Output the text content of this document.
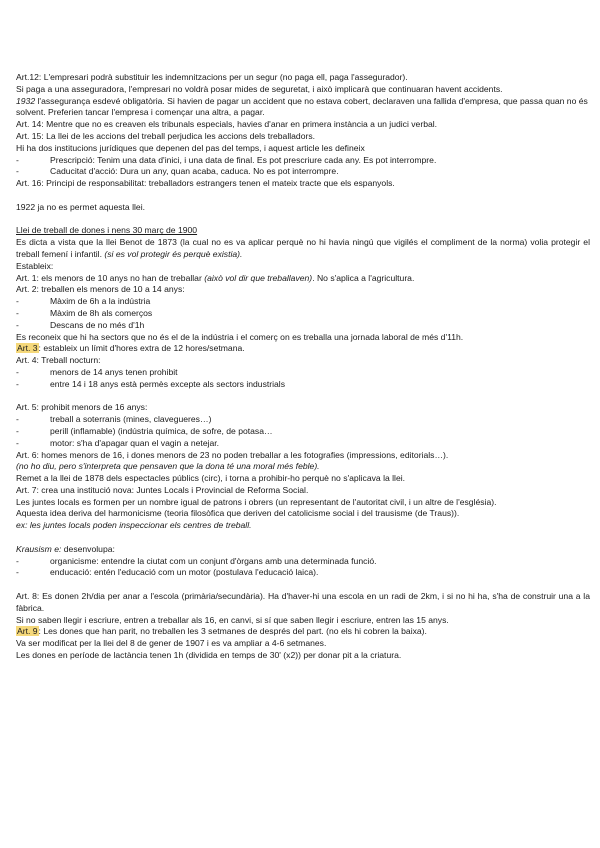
Art.12: L'empresari podrà substituir les indemnitzacions per un segur (no paga ell, paga l'assegurador).
Si paga a una asseguradora, l'empresari no voldrà posar mides de seguretat, i això implicarà que continuaran havent accidents.
1932 l'assegurança esdevé obligatòria. Si havien de pagar un accident que no estava cobert, declaraven una fallida d'empresa, que passa quan no és solvent. Preferien tancar l'empresa i començar una altra, a pagar.
Art. 14: Mentre que no es creaven els tribunals especials, havies d'anar en primera instància a un judici verbal.
Art. 15: La llei de les accions del treball perjudica les accions dels treballadors.
Hi ha dos institucions jurídiques que depenen del pas del temps, i aquest article les defineix
-	Prescripció: Tenim una data d'inici, i una data de final. Es pot prescriure cada any. Es pot interrompre.
-	Caducitat d'acció: Dura un any, quan acaba, caduca. No es pot interrompre.
Art. 16: Principi de responsabilitat: treballadors estrangers tenen el mateix tracte que els espanyols.
1922 ja no es permet aquesta llei.
Llei de treball de dones i nens 30 març de 1900
Es dicta a vista que la llei Benot de 1873 (la cual no es va aplicar perquè no hi havia ningú que vigilés el compliment de la norma) volia protegir el treball femení i infantil. (si es vol protegir és perquè existia).
Estableix:
Art. 1: els menors de 10 anys no han de treballar (això vol dir que treballaven). No s'aplica a l'agricultura.
Art. 2: treballen els menors de 10 a 14 anys:
-	Màxim de 6h a la indústria
-	Màxim de 8h als comerços
-	Descans de no més d'1h
Es reconeix que hi ha sectors que no és el de la indústria i el comerç on es treballa una jornada laboral de més d'11h.
Art. 3: estableix un límit d'hores extra de 12 hores/setmana.
Art. 4: Treball nocturn:
-	menors de 14 anys tenen prohibit
-	entre 14 i 18 anys està permès excepte als sectors industrials
Art. 5: prohibit menors de 16 anys:
-	treball a soterranis (mines, clavegueres…)
-	perill (inflamable) (indústria química, de sofre, de potasa…
-	motor: s'ha d'apagar quan el vagin a netejar.
Art. 6: homes menors de 16, i dones menors de 23 no poden treballar a les fotografies (impressions, editorials…).
(no ho diu, pero s'interpreta que pensaven que la dona té una moral més feble).
Remet a la llei de 1878 dels espectacles públics (circ), i torna a prohibir-ho perquè no s'aplicava la llei.
Art. 7: crea una institució nova: Juntes Locals i Provincial de Reforma Social.
Les juntes locals es formen per un nombre igual de patrons i obrers (un representant de l'autoritat civil, i un altre de l'església).
Aquesta idea deriva del harmonicisme (teoria filosòfica que deriven del catolicisme social i del trausisme (de Traus)).
ex: les juntes locals poden inspeccionar els centres de treball.
Krausism e: desenvolupa:
-	organicisme: entendre la ciutat com un conjunt d'òrgans amb una determinada funció.
-	enducació: entén l'educació com un motor (postulava l'educació laica).
Art. 8: Es donen 2h/dia per anar a l'escola (primària/secundària). Ha d'haver-hi una escola en un radi de 2km, i si no hi ha, s'ha de construir una a la fàbrica.
Si no saben llegir i escriure, entren a treballar als 16, en canvi, si sí que saben llegir i escriure, entren las 15 anys.
Art. 9: Les dones que han parit, no treballen les 3 setmanes de després del part. (no els hi cobren la baixa).
Va ser modificat per la llei del 8 de gener de 1907 i es va ampliar a 4-6 setmanes.
Les dones en període de lactància tenen 1h (dividida en temps de 30' (x2)) per donar pit a la criatura.
